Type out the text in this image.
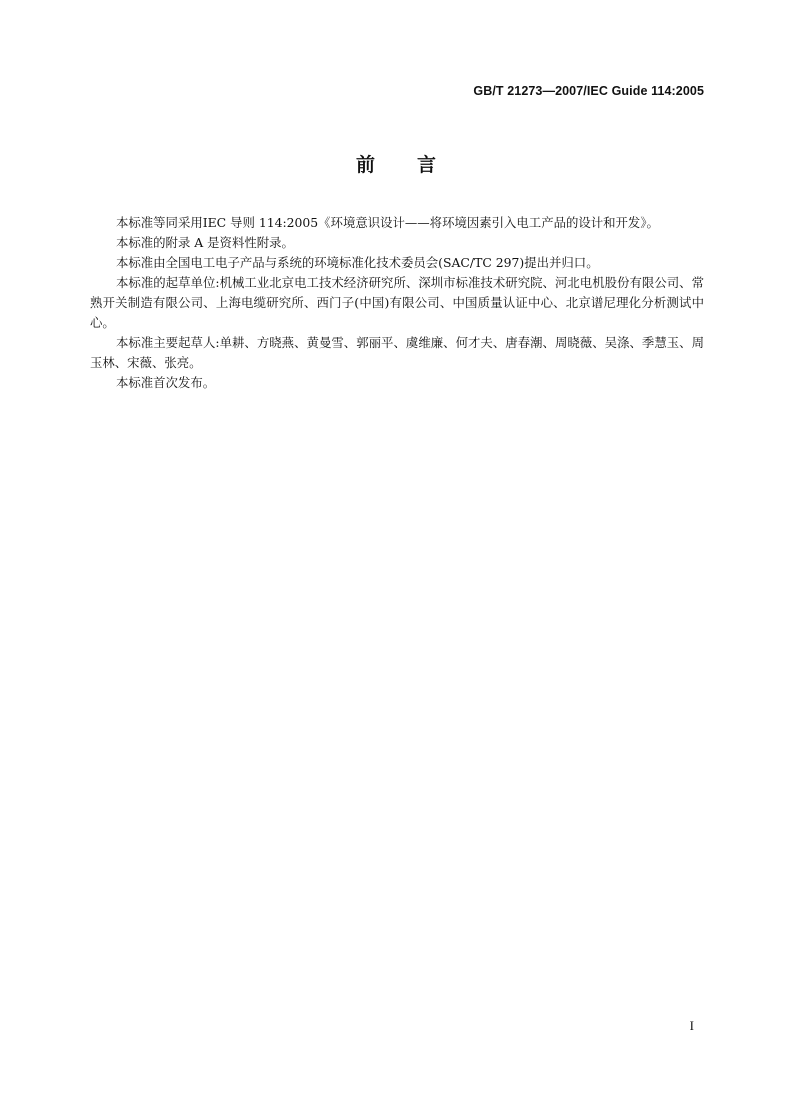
GB/T 21273—2007/IEC Guide 114:2005
前言

本标准等同采用IEC 导则 114:2005《环境意识设计——将环境因素引入电工产品的设计和开发》。

本标准的附录 A 是资料性附录。

本标准由全国电工电子产品与系统的环境标准化技术委员会(SAC/TC 297)提出并归口。

本标准的起草单位:机械工业北京电工技术经济研究所、深圳市标准技术研究院、河北电机股份有限公司、常熟开关制造有限公司、上海电缆研究所、西门子(中国)有限公司、中国质量认证中心、北京谱尼理化分析测试中心。

本标准主要起草人:单耕、方晓燕、黄曼雪、郭丽平、虞维廉、何才夫、唐春潮、周晓薇、吴涤、季慧玉、周玉林、宋薇、张亮。

本标准首次发布。

I
